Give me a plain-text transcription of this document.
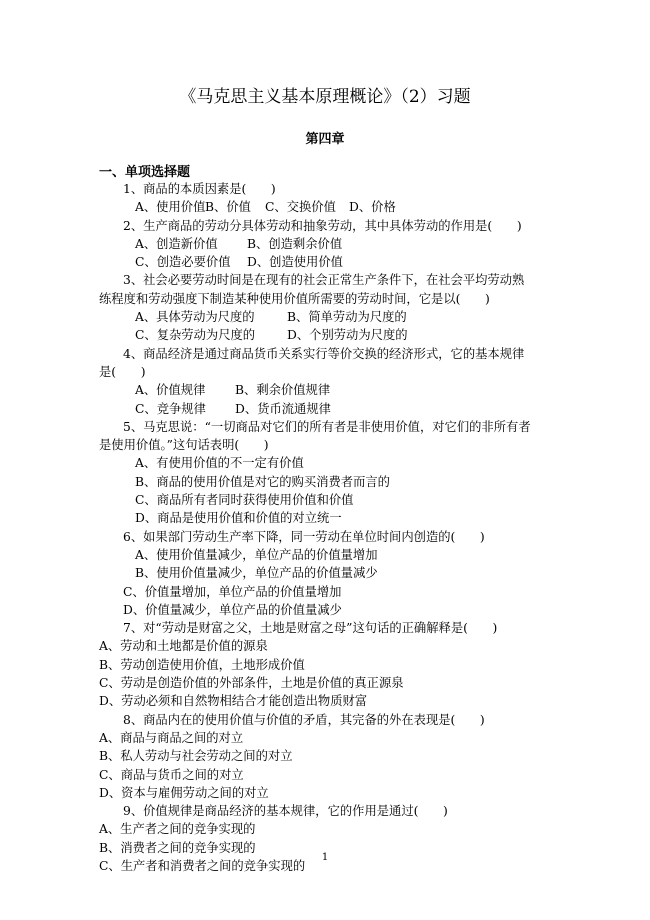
《马克思主义基本原理概论》（2）习题
第四章
一、单项选择题
1、商品的本质因素是(　　)
A、使用价值B、价值 C、交换价值 D、价格
2、生产商品的劳动分具体劳动和抽象劳动，其中具体劳动的作用是(　　)
A、创造新价值 B、创造剩余价值
C、创造必要价值 D、创造使用价值
3、社会必要劳动时间是在现有的社会正常生产条件下，在社会平均劳动熟
练程度和劳动强度下制造某种使用价值所需要的劳动时间，它是以(　　)
A、具体劳动为尺度的	B、简单劳动为尺度的
C、复杂劳动为尺度的	D、个别劳动为尺度的
4、商品经济是通过商品货币关系实行等价交换的经济形式，它的基本规律
是(　　)
A、价值规律 B、剩余价值规律
C、竞争规律 D、货币流通规律
5、马克思说：“一切商品对它们的所有者是非使用价值，对它们的非所有者
是使用价值。”这句话表明(　　)
A、有使用价值的不一定有价值
B、商品的使用价值是对它的购买消费者而言的
C、商品所有者同时获得使用价值和价值
D、商品是使用价值和价值的对立统一
6、如果部门劳动生产率下降，同一劳动在单位时间内创造的(　　)
A、使用价值量减少，单位产品的价值量增加
B、使用价值量减少，单位产品的价值量减少
C、价值量增加，单位产品的价值量增加
D、价值量减少，单位产品的价值量减少
7、对“劳动是财富之父，土地是财富之母”这句话的正确解释是(　　)
A、劳动和土地都是价值的源泉
B、劳动创造使用价值，土地形成价值
C、劳动是创造价值的外部条件，土地是价值的真正源泉
D、劳动必须和自然物相结合才能创造出物质财富
8、商品内在的使用价值与价值的矛盾，其完备的外在表现是(　　)
A、商品与商品之间的对立
B、私人劳动与社会劳动之间的对立
C、商品与货币之间的对立
D、资本与雇佣劳动之间的对立
9、价值规律是商品经济的基本规律，它的作用是通过(　　)
A、生产者之间的竞争实现的
B、消费者之间的竞争实现的
C、生产者和消费者之间的竞争实现的
1
